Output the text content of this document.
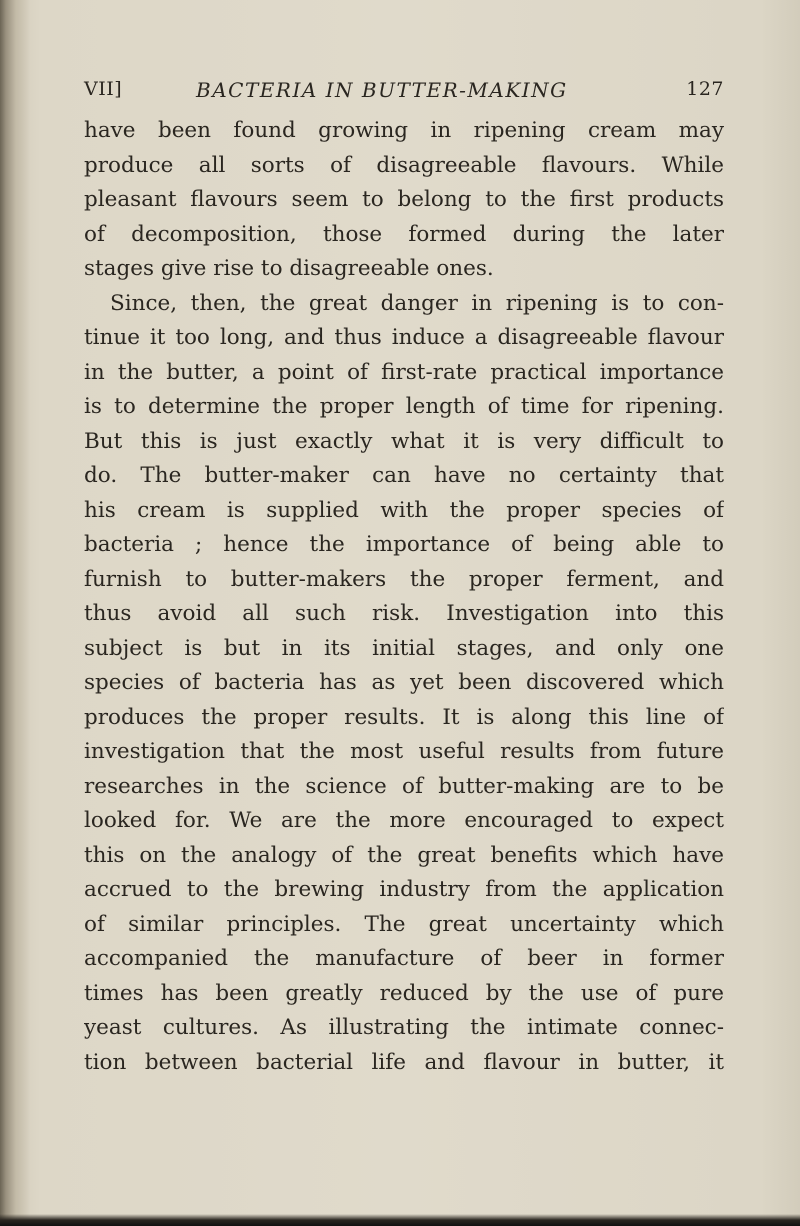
VII]	BACTERIA IN BUTTER-MAKING	127
have been found growing in ripening cream may
produce all sorts of disagreeable flavours. While
pleasant flavours seem to belong to the first products
of decomposition, those formed during the later
stages give rise to disagreeable ones.
Since, then, the great danger in ripening is to con-
tinue it too long, and thus induce a disagreeable flavour
in the butter, a point of first-rate practical importance
is to determine the proper length of time for ripening.
But this is just exactly what it is very difficult to
do. The butter-maker can have no certainty that
his cream is supplied with the proper species of
bacteria ; hence the importance of being able to
furnish to butter-makers the proper ferment, and
thus avoid all such risk. Investigation into this
subject is but in its initial stages, and only one
species of bacteria has as yet been discovered which
produces the proper results. It is along this line of
investigation that the most useful results from future
researches in the science of butter-making are to be
looked for. We are the more encouraged to expect
this on the analogy of the great benefits which have
accrued to the brewing industry from the application
of similar principles. The great uncertainty which
accompanied the manufacture of beer in former
times has been greatly reduced by the use of pure
yeast cultures. As illustrating the intimate connec-
tion between bacterial life and flavour in butter, it
